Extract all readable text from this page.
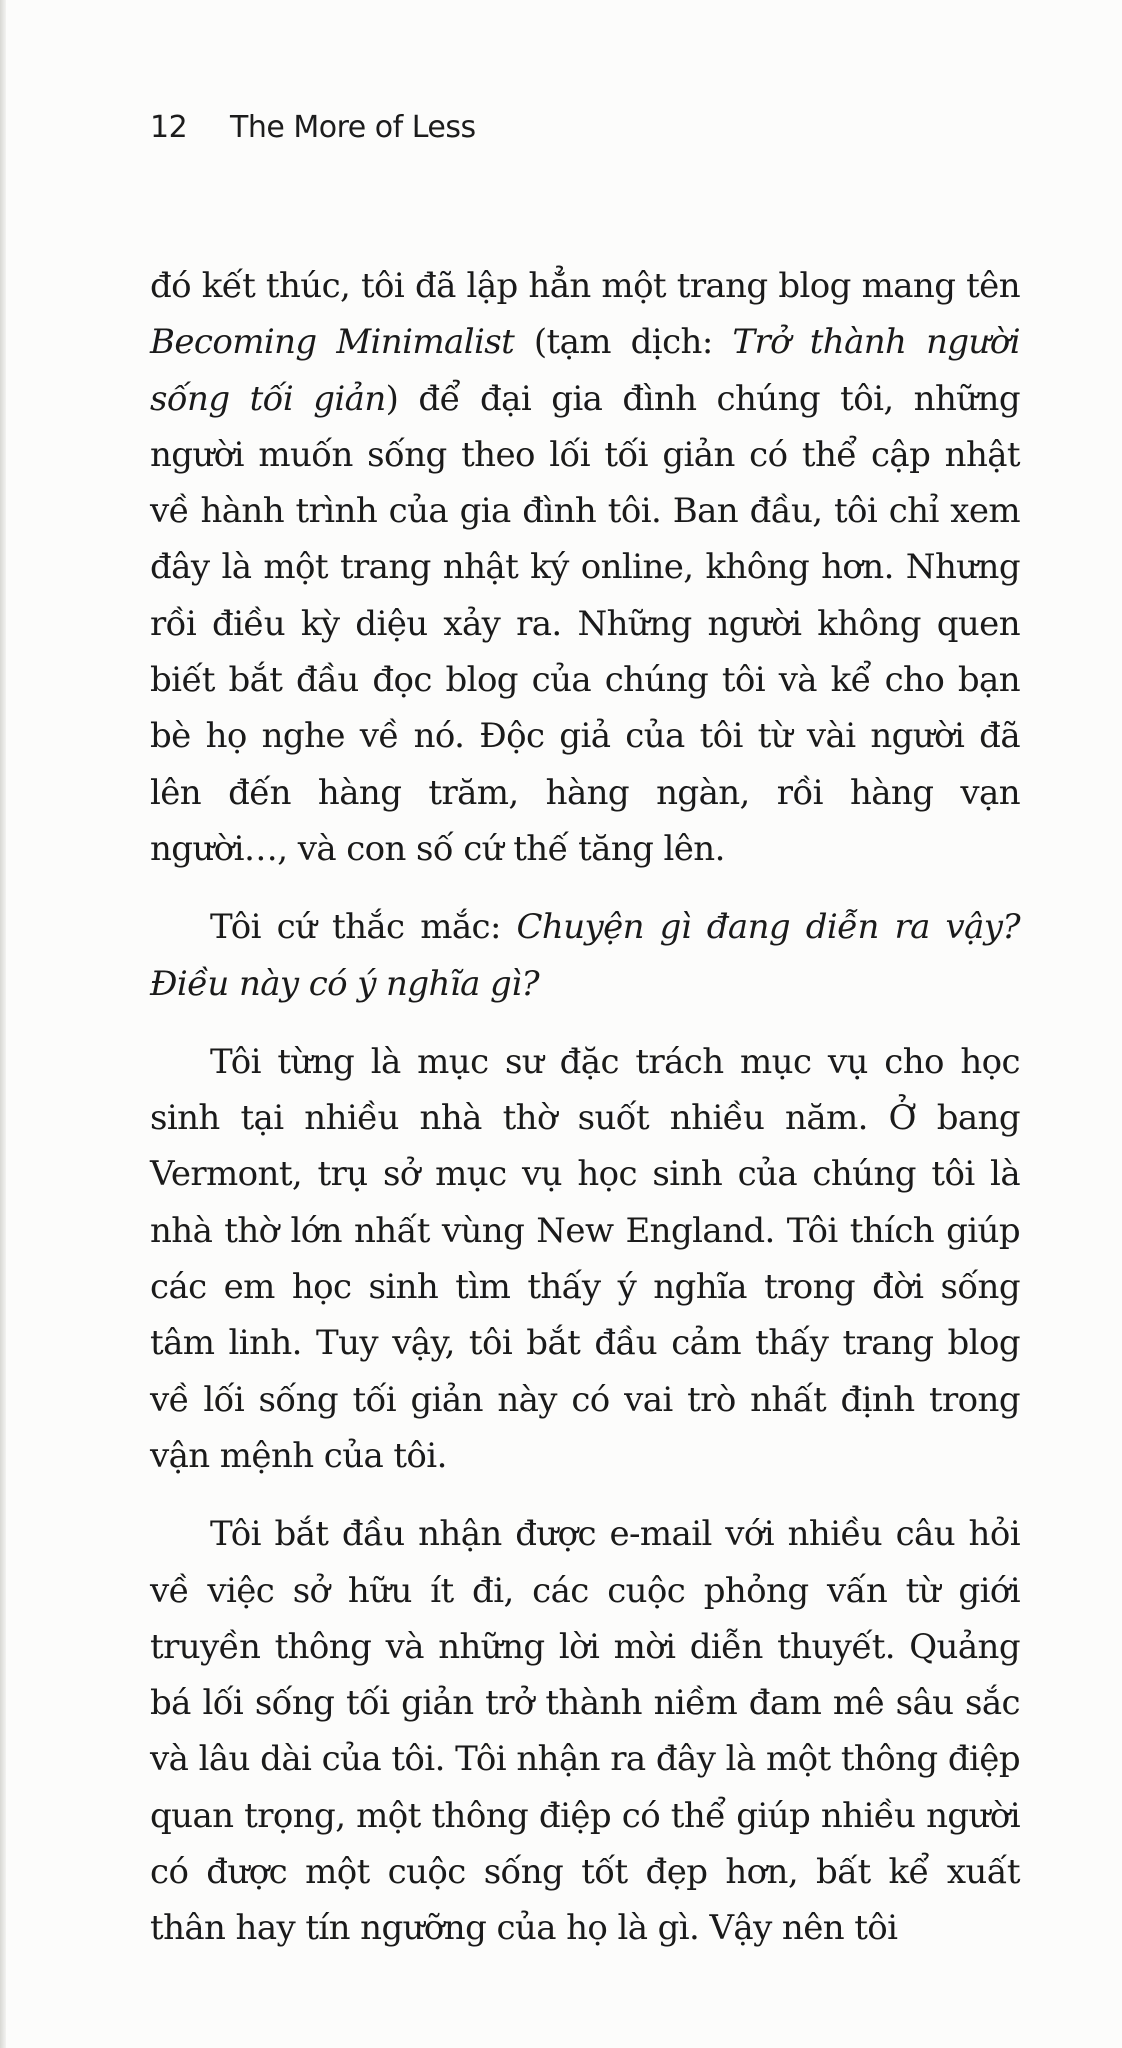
12 The More of Less

đó kết thúc, tôi đã lập hẳn một trang blog mang tên Becoming Minimalist (tạm dịch: Trở thành người sống tối giản) để đại gia đình chúng tôi, những người muốn sống theo lối tối giản có thể cập nhật về hành trình của gia đình tôi. Ban đầu, tôi chỉ xem đây là một trang nhật ký online, không hơn. Nhưng rồi điều kỳ diệu xảy ra. Những người không quen biết bắt đầu đọc blog của chúng tôi và kể cho bạn bè họ nghe về nó. Độc giả của tôi từ vài người đã lên đến hàng trăm, hàng ngàn, rồi hàng vạn người…, và con số cứ thế tăng lên.

Tôi cứ thắc mắc: Chuyện gì đang diễn ra vậy? Điều này có ý nghĩa gì?

Tôi từng là mục sư đặc trách mục vụ cho học sinh tại nhiều nhà thờ suốt nhiều năm. Ở bang Vermont, trụ sở mục vụ học sinh của chúng tôi là nhà thờ lớn nhất vùng New England. Tôi thích giúp các em học sinh tìm thấy ý nghĩa trong đời sống tâm linh. Tuy vậy, tôi bắt đầu cảm thấy trang blog về lối sống tối giản này có vai trò nhất định trong vận mệnh của tôi.

Tôi bắt đầu nhận được e-mail với nhiều câu hỏi về việc sở hữu ít đi, các cuộc phỏng vấn từ giới truyền thông và những lời mời diễn thuyết. Quảng bá lối sống tối giản trở thành niềm đam mê sâu sắc và lâu dài của tôi. Tôi nhận ra đây là một thông điệp quan trọng, một thông điệp có thể giúp nhiều người có được một cuộc sống tốt đẹp hơn, bất kể xuất thân hay tín ngưỡng của họ là gì. Vậy nên tôi
